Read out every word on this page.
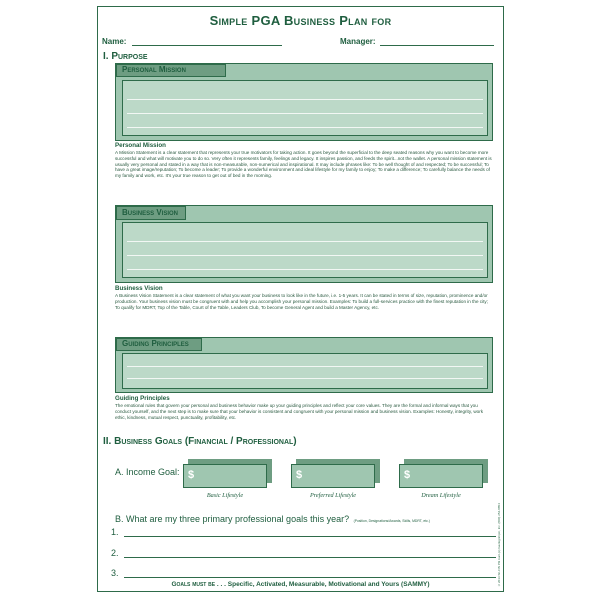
Simple PGA Business Plan for
Name:	Manager:
I. Purpose
Personal Mission
Personal Mission
A Mission Statement is a clear statement that represents your true motivators for taking action. It goes beyond the superficial to the deep seated reasons why you want to become more successful and what will motivate you to do so. Very often it represents family, feelings and legacy. It inspires passion, and feeds the spirit...not the wallet. A personal mission statement is usually very personal and stated in a way that is non-measurable, non-numerical and inspirational. It may include phrases like: To be well thought of and respected; To be successful; To have a great image/reputation; To become a leader; To provide a wonderful environment and ideal lifestyle for my family to enjoy; To make a difference; To carefully balance the needs of my family and work, etc. It's your true reason to get out of bed in the morning.
Business Vision
Business Vision
A Business Vision Statement is a clear statement of what you want your business to look like in the future, i.e. 1-5 years. It can be stated in terms of size, reputation, prominence and/or production. Your business vision must be congruent with and help you accomplish your personal mission. Examples: To build a full-services practice with the finest reputation in the city; To qualify for MDRT, Top of the Table, Court of the Table, Leaders Club, To become General Agent and build a Master Agency, etc.
Guiding Principles
Guiding Principles
The emotional rules that govern your personal and business behavior make up your guiding principles and reflect your core values. They are the formal and informal ways that you conduct yourself, and the next step is to make sure that your behavior is consistent and congruent with your personal mission and business vision. Examples: Honesty, integrity, work ethic, kindness, mutual respect, punctuality, profitability, etc.
II. Business Goals (Financial / Professional)
A. Income Goal: $
Basic Lifestyle
$
Preferred Lifestyle
$
Dream Lifestyle
B. What are my three primary professional goals this year? (Position, Designations/Awards, Skills, MDRT, etc.)
1.
2.
3.
Goals must be . . . Specific, Activated, Measurable, Motivational and Yours (SAMMY)	©2013 Sh-FIN Pbl Aunt-(s) Gazlegrimpin, Inc. (800) 254-8854
